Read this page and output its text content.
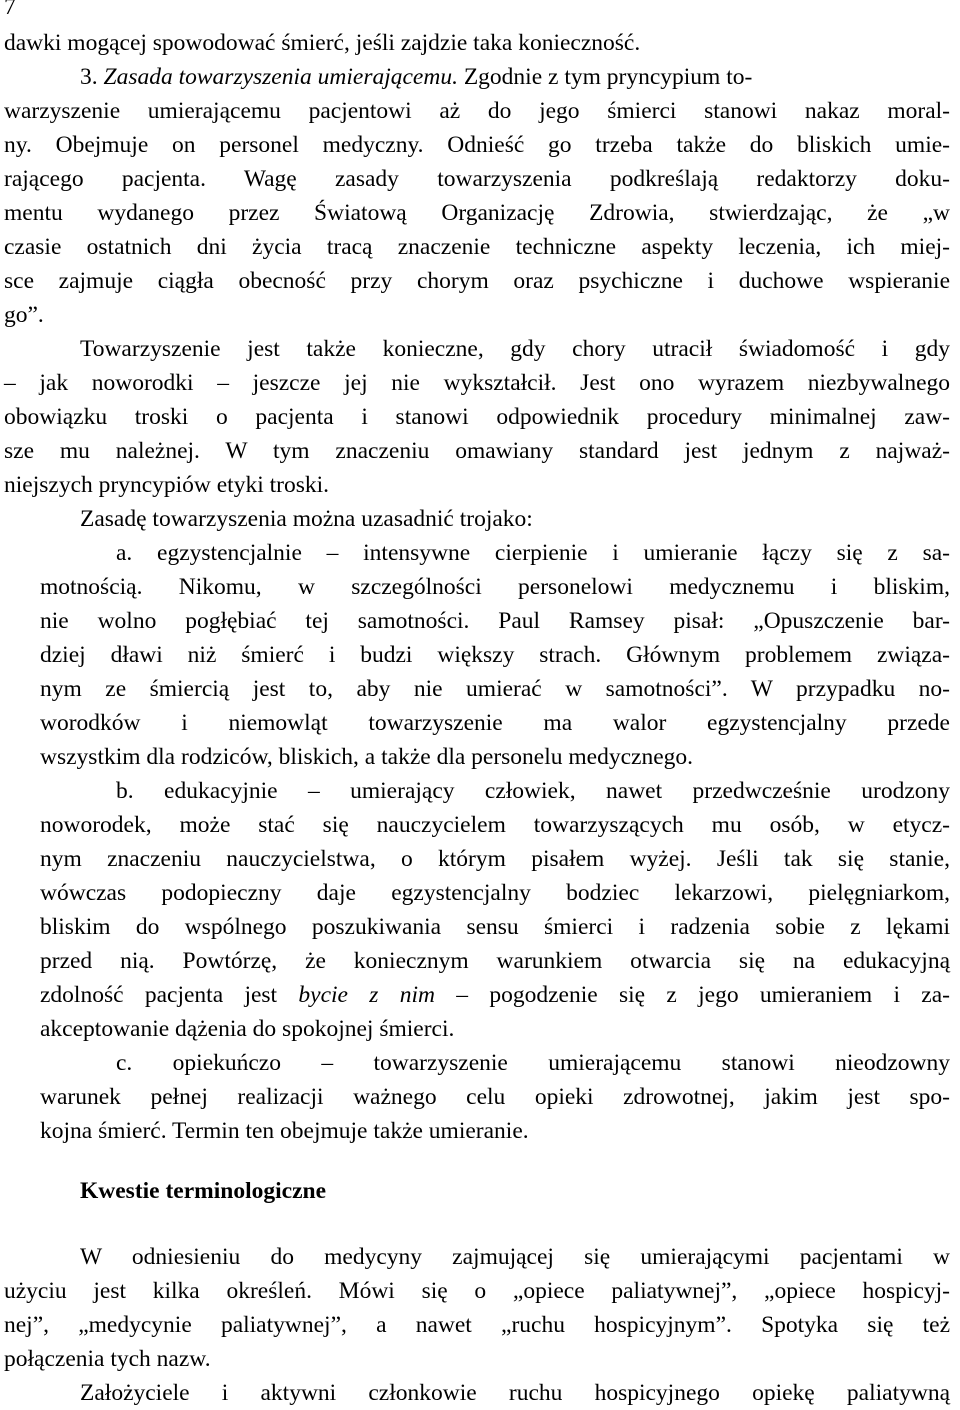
7
dawki mogącej spowodować śmierć, jeśli zajdzie taka konieczność.
3. Zasada towarzyszenia umierającemu. Zgodnie z tym pryncypium to-
warzyszenie umierającemu pacjentowi aż do jego śmierci stanowi nakaz moral-
ny. Obejmuje on personel medyczny. Odnieść go trzeba także do bliskich umie-
rającego pacjenta. Wagę zasady towarzyszenia podkreślają redaktorzy doku-
mentu wydanego przez Światową Organizację Zdrowia, stwierdzając, że „w
czasie ostatnich dni życia tracą znaczenie techniczne aspekty leczenia, ich miej-
sce zajmuje ciągła obecność przy chorym oraz psychiczne i duchowe wspieranie
go”.
Towarzyszenie jest także konieczne, gdy chory utracił świadomość i gdy
– jak noworodki – jeszcze jej nie wykształcił. Jest ono wyrazem niezbywalnego
obowiązku troski o pacjenta i stanowi odpowiednik procedury minimalnej zaw-
sze mu należnej. W tym znaczeniu omawiany standard jest jednym z najważ-
niejszych pryncypiów etyki troski.
Zasadę towarzyszenia można uzasadnić trojako:
a. egzystencjalnie – intensywne cierpienie i umieranie łączy się z sa-
motnością. Nikomu, w szczególności personelowi medycznemu i bliskim,
nie wolno pogłębiać tej samotności. Paul Ramsey pisał: „Opuszczenie bar-
dziej dławi niż śmierć i budzi większy strach. Głównym problemem związa-
nym ze śmiercią jest to, aby nie umierać w samotności”. W przypadku no-
worodków i niemowląt towarzyszenie ma walor egzystencjalny przede
wszystkim dla rodziców, bliskich, a także dla personelu medycznego.
b. edukacyjnie – umierający człowiek, nawet przedwcześnie urodzony
noworodek, może stać się nauczycielem towarzyszących mu osób, w etycz-
nym znaczeniu nauczycielstwa, o którym pisałem wyżej. Jeśli tak się stanie,
wówczas podopieczny daje egzystencjalny bodziec lekarzowi, pielęgniarkom,
bliskim do wspólnego poszukiwania sensu śmierci i radzenia sobie z lękami
przed nią. Powtórzę, że koniecznym warunkiem otwarcia się na edukacyjną
zdolność pacjenta jest bycie z nim – pogodzenie się z jego umieraniem i za-
akceptowanie dążenia do spokojnej śmierci.
c. opiekuńczo – towarzyszenie umierającemu stanowi nieodzowny
warunek pełnej realizacji ważnego celu opieki zdrowotnej, jakim jest spo-
kojna śmierć. Termin ten obejmuje także umieranie.
Kwestie terminologiczne
W odniesieniu do medycyny zajmującej się umierającymi pacjentami w
użyciu jest kilka określeń. Mówi się o „opiece paliatywnej”, „opiece hospicyj-
nej”, „medycynie paliatywnej”, a nawet „ruchu hospicyjnym”. Spotyka się też
połączenia tych nazw.
Założyciele i aktywni członkowie ruchu hospicyjnego opiekę paliatywną
